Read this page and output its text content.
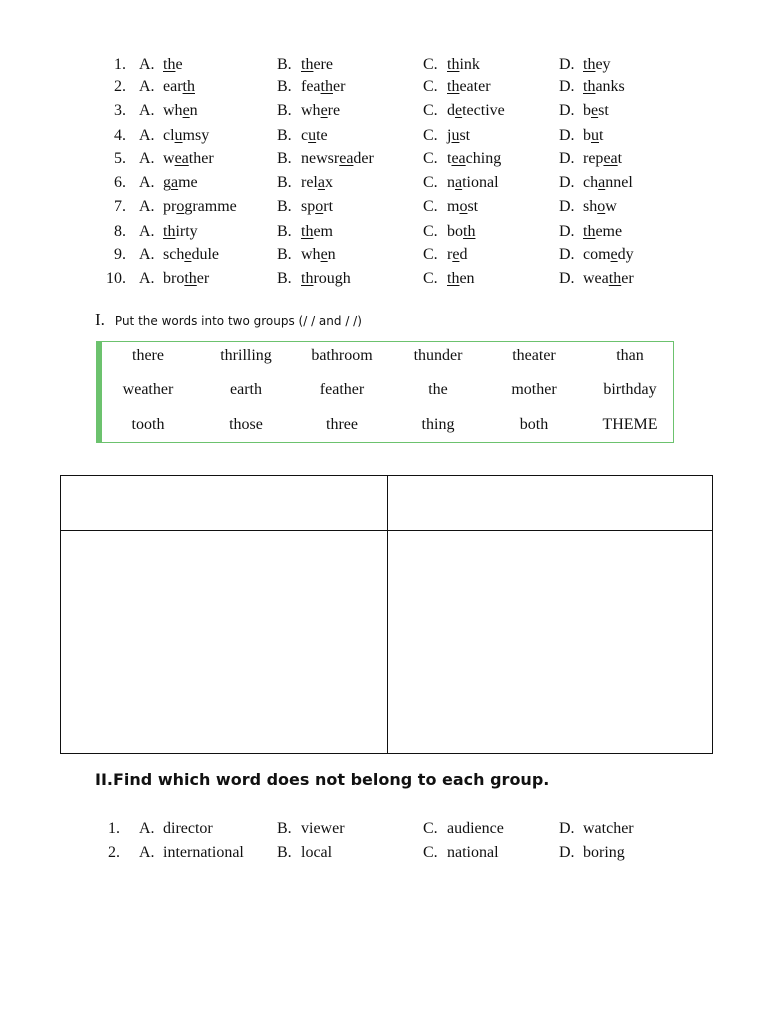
1. A. the	B. there	C. think	D. they
2. A. earth	B. feather	C. theater	D. thanks
3. A. when	B. where	C. detective	D. best
4. A. clumsy	B. cute	C. just	D. but
5. A. weather	B. newsreader	C. teaching	D. repeat
6. A. game	B. relax	C. national	D. channel
7. A. programme	B. sport	C. most	D. show
8. A. thirty	B. them	C. both	D. theme
9. A. schedule	B. when	C. red	D. comedy
10. A. brother	B. through	C. then	D. weather
I. Put the words into two groups (/ / and / /)
there	thrilling	bathroom	thunder	theater	than
weather	earth	feather	the	mother	birthday
tooth	those	three	thing	both	THEME
II.Find which word does not belong to each group.
1. A. director	B. viewer	C. audience	D. watcher
2. A. international B. local	C. national	D. boring
